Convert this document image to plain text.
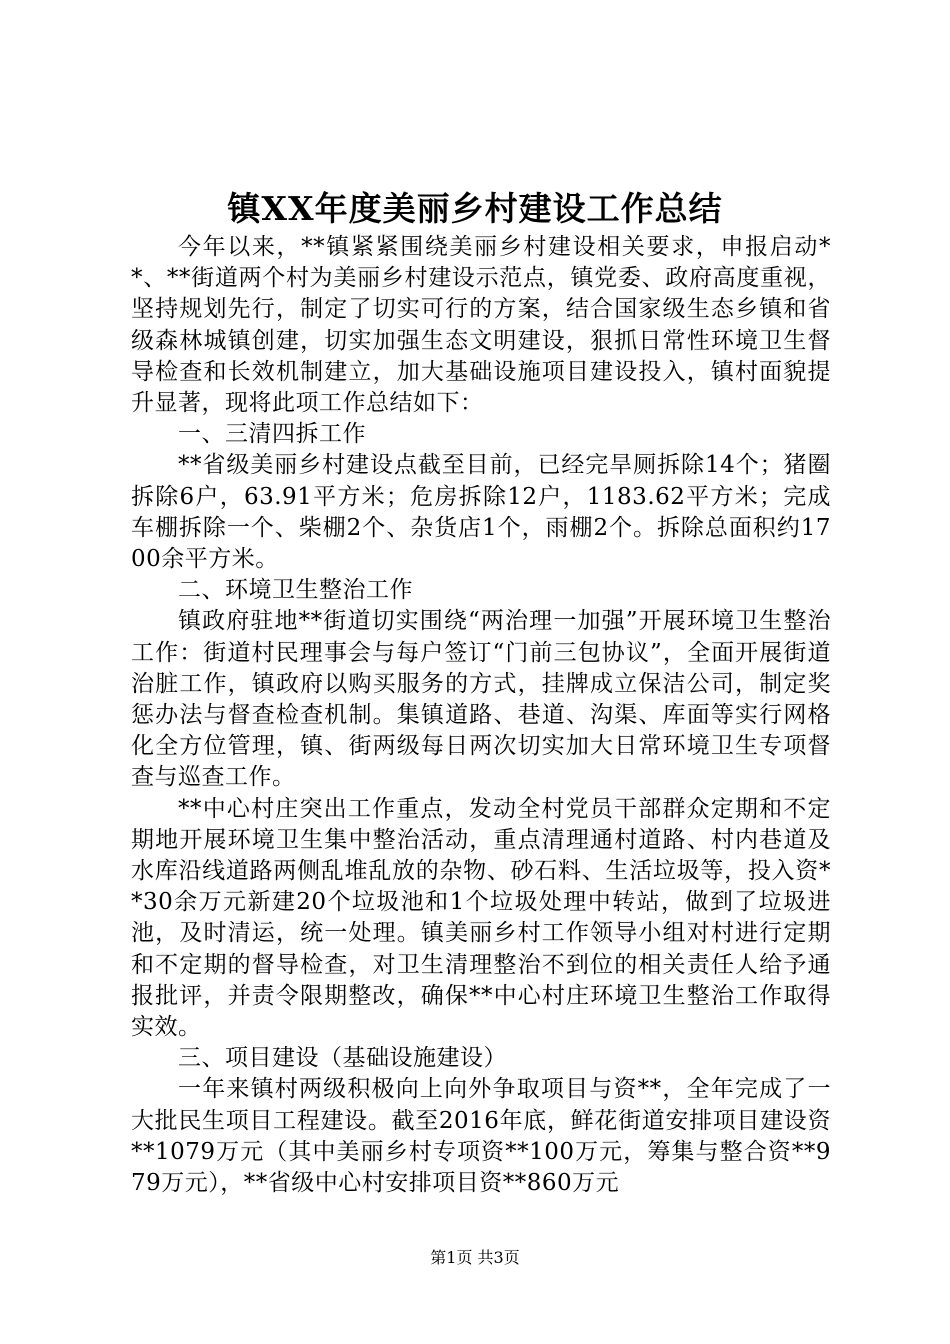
镇XX年度美丽乡村建设工作总结

今年以来，**镇紧紧围绕美丽乡村建设相关要求，申报启动**、**街道两个村为美丽乡村建设示范点，镇党委、政府高度重视，坚持规划先行，制定了切实可行的方案，结合国家级生态乡镇和省级森林城镇创建，切实加强生态文明建设，狠抓日常性环境卫生督导检查和长效机制建立，加大基础设施项目建设投入，镇村面貌提升显著，现将此项工作总结如下：

一、三清四拆工作

**省级美丽乡村建设点截至目前，已经完旱厕拆除14个；猪圈拆除6户，63.91平方米；危房拆除12户，1183.62平方米；完成车棚拆除一个、柴棚2个、杂货店1个，雨棚2个。拆除总面积约1700余平方米。

二、环境卫生整治工作

镇政府驻地**街道切实围绕“两治理一加强”开展环境卫生整治工作：街道村民理事会与每户签订“门前三包协议”，全面开展街道治脏工作，镇政府以购买服务的方式，挂牌成立保洁公司，制定奖惩办法与督查检查机制。集镇道路、巷道、沟渠、库面等实行网格化全方位管理，镇、街两级每日两次切实加大日常环境卫生专项督查与巡查工作。

**中心村庄突出工作重点，发动全村党员干部群众定期和不定期地开展环境卫生集中整治活动，重点清理通村道路、村内巷道及水库沿线道路两侧乱堆乱放的杂物、砂石料、生活垃圾等，投入资**30余万元新建20个垃圾池和1个垃圾处理中转站，做到了垃圾进池，及时清运，统一处理。镇美丽乡村工作领导小组对村进行定期和不定期的督导检查，对卫生清理整治不到位的相关责任人给予通报批评，并责令限期整改，确保**中心村庄环境卫生整治工作取得实效。

三、项目建设（基础设施建设）

一年来镇村两级积极向上向外争取项目与资**，全年完成了一大批民生项目工程建设。截至2016年底，鲜花街道安排项目建设资**1079万元（其中美丽乡村专项资**100万元，筹集与整合资**979万元），**省级中心村安排项目资**860万元

第1页 共3页
